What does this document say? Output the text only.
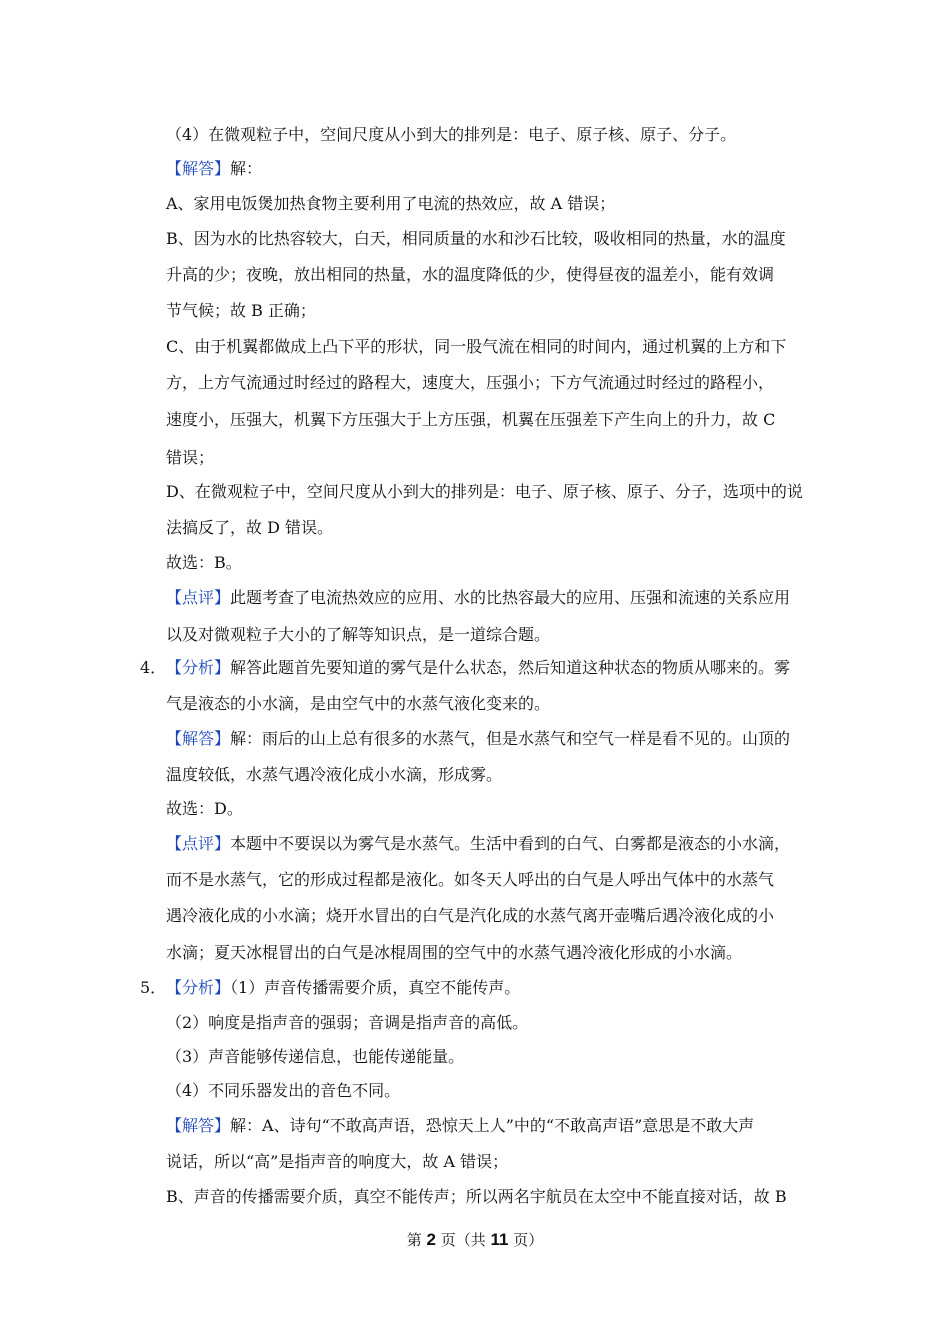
（4）在微观粒子中，空间尺度从小到大的排列是：电子、原子核、原子、分子。
【解答】解：
A、家用电饭煲加热食物主要利用了电流的热效应，故 A 错误；
B、因为水的比热容较大，白天，相同质量的水和沙石比较，吸收相同的热量，水的温度
升高的少；夜晚，放出相同的热量，水的温度降低的少，使得昼夜的温差小，能有效调
节气候；故 B 正确；
C、由于机翼都做成上凸下平的形状，同一股气流在相同的时间内，通过机翼的上方和下
方，上方气流通过时经过的路程大，速度大，压强小；下方气流通过时经过的路程小，
速度小，压强大，机翼下方压强大于上方压强，机翼在压强差下产生向上的升力，故 C
错误；
D、在微观粒子中，空间尺度从小到大的排列是：电子、原子核、原子、分子，选项中的说
法搞反了，故 D 错误。
故选：B。
【点评】此题考查了电流热效应的应用、水的比热容最大的应用、压强和流速的关系应用
以及对微观粒子大小的了解等知识点，是一道综合题。
4． 【分析】解答此题首先要知道的雾气是什么状态，然后知道这种状态的物质从哪来的。雾
气是液态的小水滴，是由空气中的水蒸气液化变来的。
【解答】解：雨后的山上总有很多的水蒸气，但是水蒸气和空气一样是看不见的。山顶的
温度较低，水蒸气遇冷液化成小水滴，形成雾。
故选：D。
【点评】本题中不要误以为雾气是水蒸气。生活中看到的白气、白雾都是液态的小水滴，
而不是水蒸气，它的形成过程都是液化。如冬天人呼出的白气是人呼出气体中的水蒸气
遇冷液化成的小水滴；烧开水冒出的白气是汽化成的水蒸气离开壶嘴后遇冷液化成的小
水滴；夏天冰棍冒出的白气是冰棍周围的空气中的水蒸气遇冷液化形成的小水滴。
5． 【分析】（1）声音传播需要介质，真空不能传声。
（2）响度是指声音的强弱；音调是指声音的高低。
（3）声音能够传递信息，也能传递能量。
（4）不同乐器发出的音色不同。
【解答】解：A、诗句“不敢高声语，恐惊天上人”中的“不敢高声语”意思是不敢大声
说话，所以“高”是指声音的响度大，故 A 错误；
B、声音的传播需要介质，真空不能传声；所以两名宇航员在太空中不能直接对话，故 B
第 2 页（共 11 页）
